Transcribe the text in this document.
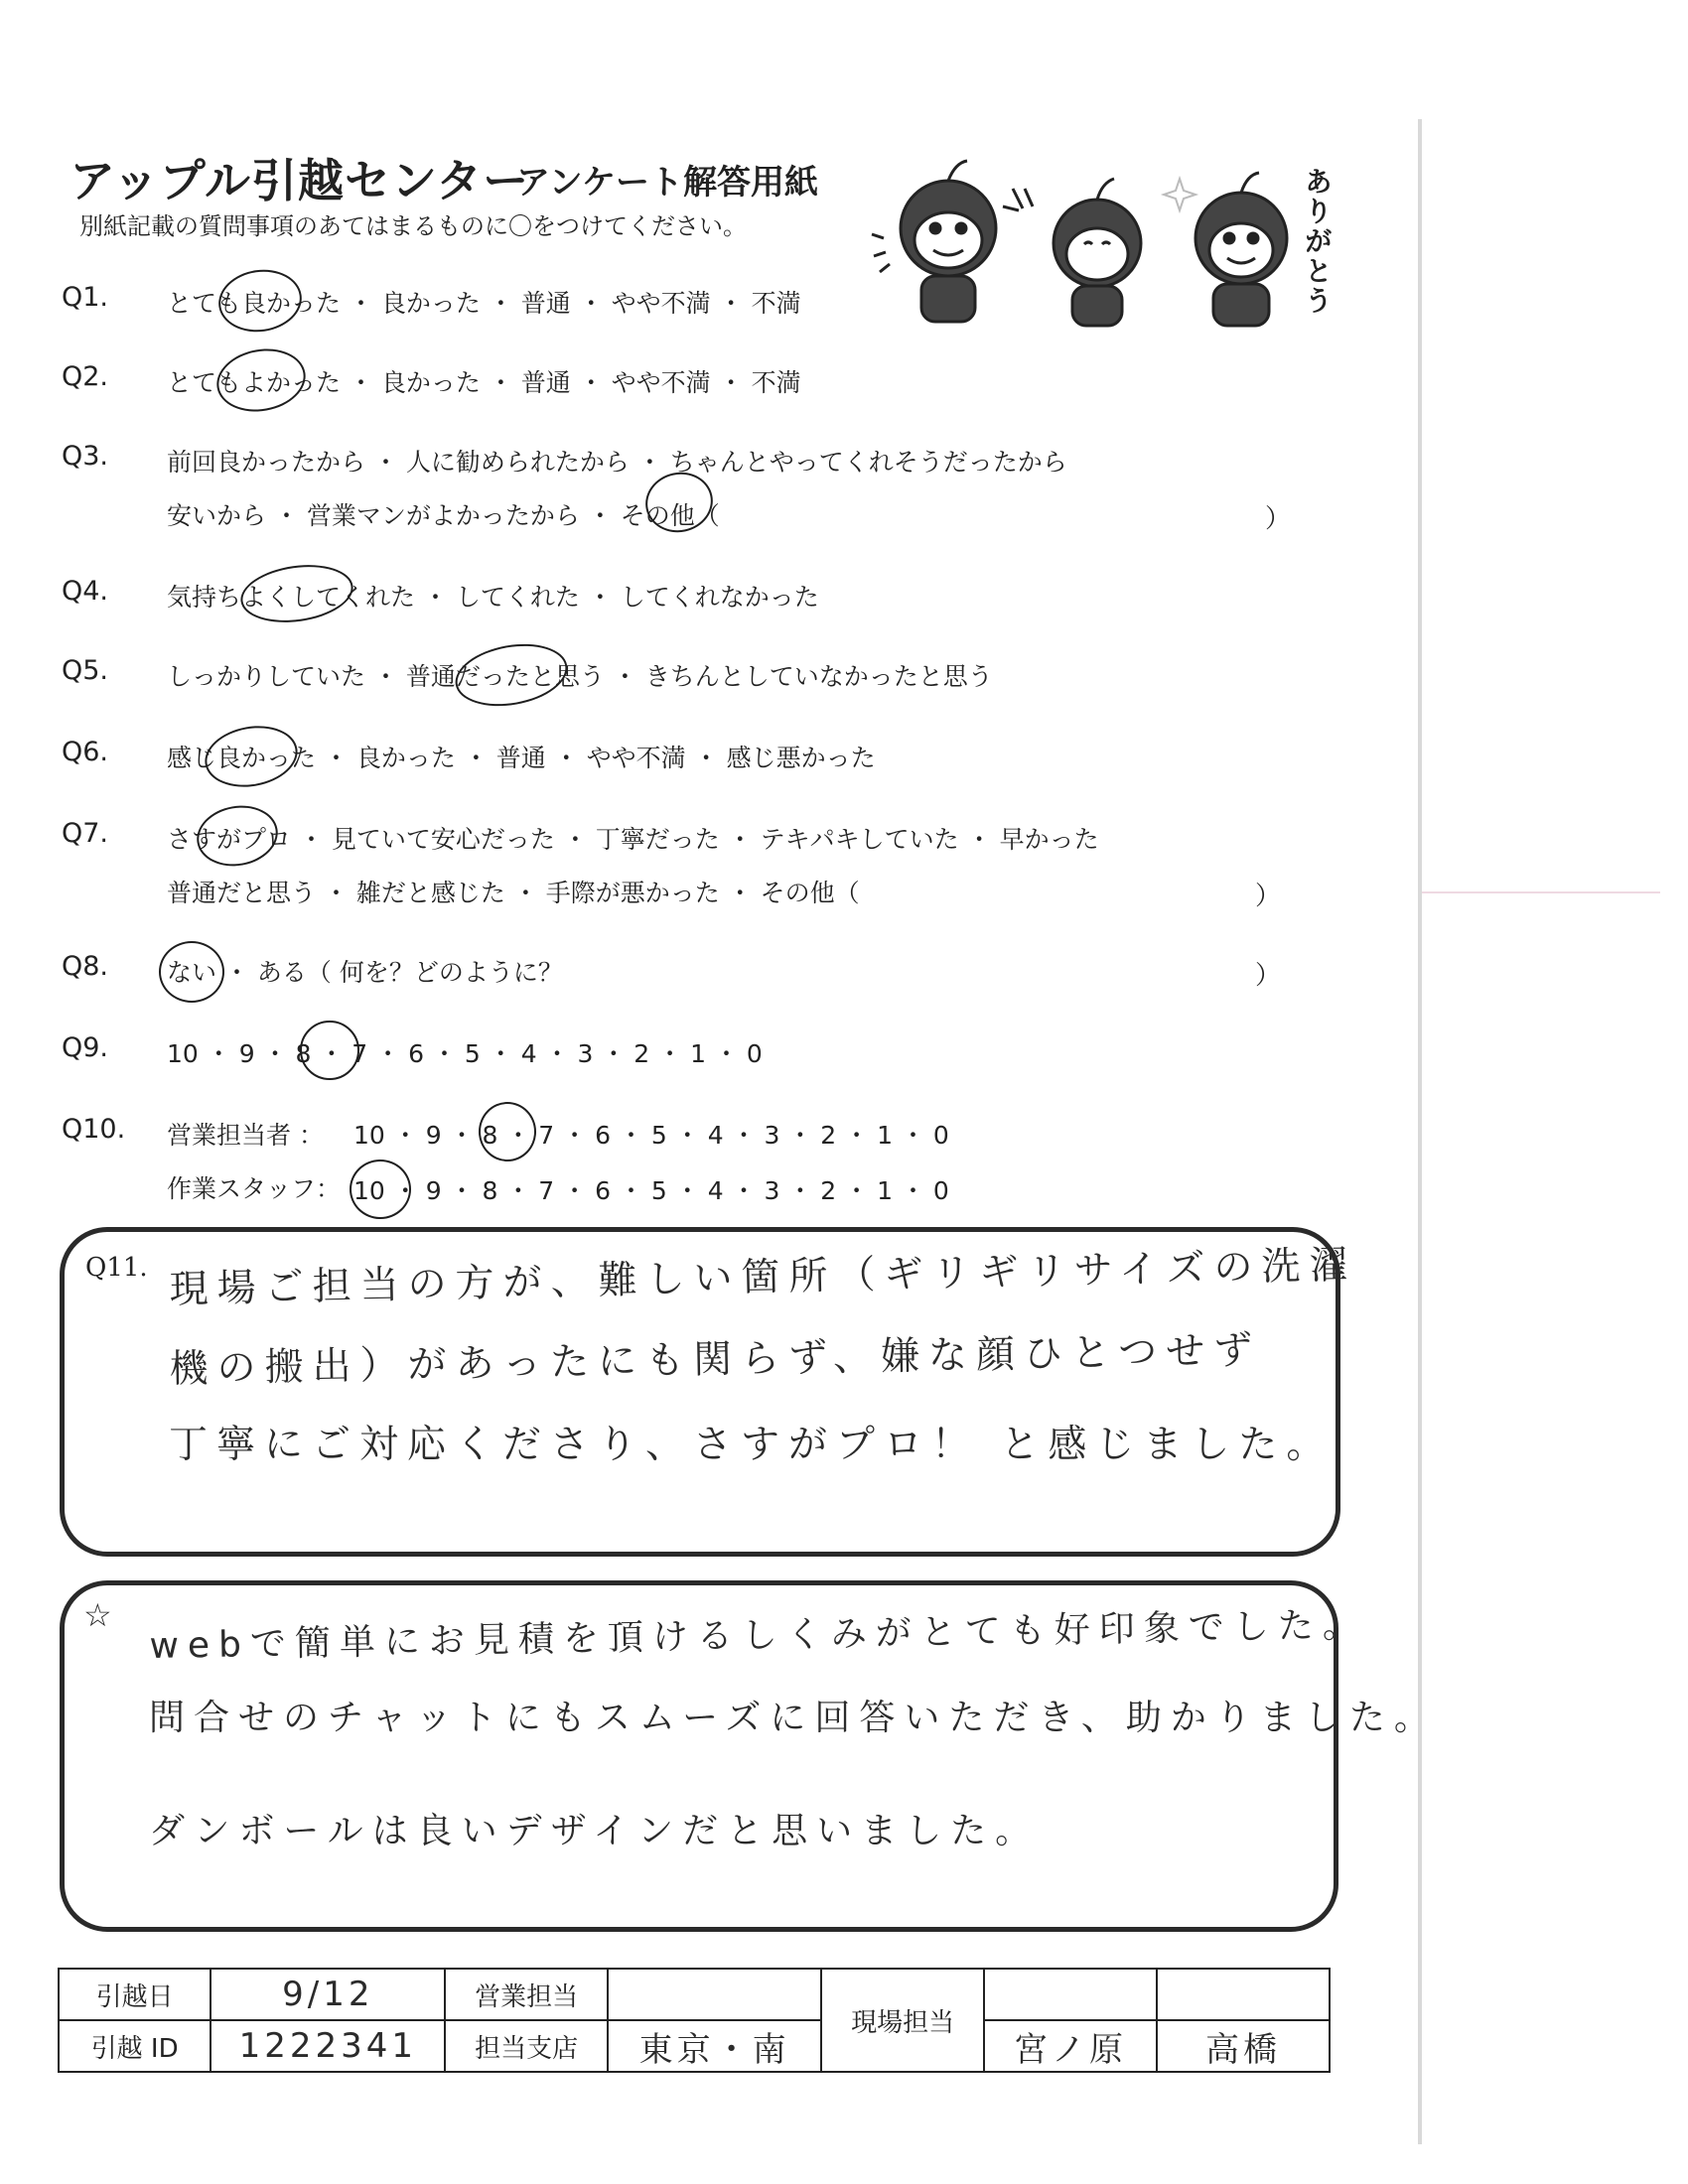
アップル引越センター
アンケート解答用紙
別紙記載の質問事項のあてはまるものに〇をつけてください。	ありがとう
Q1. とても良かった ・ 良かった ・ 普通 ・ やや不満 ・ 不満
Q2. とてもよかった ・ 良かった ・ 普通 ・ やや不満 ・ 不満
Q3. 前回良かったから ・ 人に勧められたから ・ ちゃんとやってくれそうだったから
安いから ・ 営業マンがよかったから ・ その他（	）
Q4. 気持ちよくしてくれた ・ してくれた ・ してくれなかった
Q5. しっかりしていた ・ 普通だったと思う ・ きちんとしていなかったと思う
Q6. 感じ良かった ・ 良かった ・ 普通 ・ やや不満 ・ 感じ悪かった
Q7. さすがプロ ・ 見ていて安心だった ・ 丁寧だった ・ テキパキしていた ・ 早かった
普通だと思う ・ 雑だと感じた ・ 手際が悪かった ・ その他（	）
Q8. ない ・ ある（ 何を？どのように？	）
Q9. 10 ・ 9 ・ 8 ・ 7 ・ 6 ・ 5 ・ 4 ・ 3 ・ 2 ・ 1 ・ 0
Q10. 営業担当者 ： 10 ・ 9 ・ 8 ・ 7 ・ 6 ・ 5 ・ 4 ・ 3 ・ 2 ・ 1 ・ 0
作業スタッフ： 10 ・ 9 ・ 8 ・ 7 ・ 6 ・ 5 ・ 4 ・ 3 ・ 2 ・ 1 ・ 0
Q11. 現場ご担当の方が、難しい箇所（ギリギリサイズの洗濯
機の搬出）があったにも関らず、嫌な顔ひとつせず
丁寧にご対応くださり、さすがプロ！ と感じました。
☆ webで簡単にお見積を頂けるしくみがとても好印象でした。
問合せのチャットにもスムーズに回答いただき、助かりました。
ダンボールは良いデザインだと思いました。
引越日	9/12	営業担当		現場担当		
引越 ID	1222341	担当支店	東京・南		宮ノ原	高橋
